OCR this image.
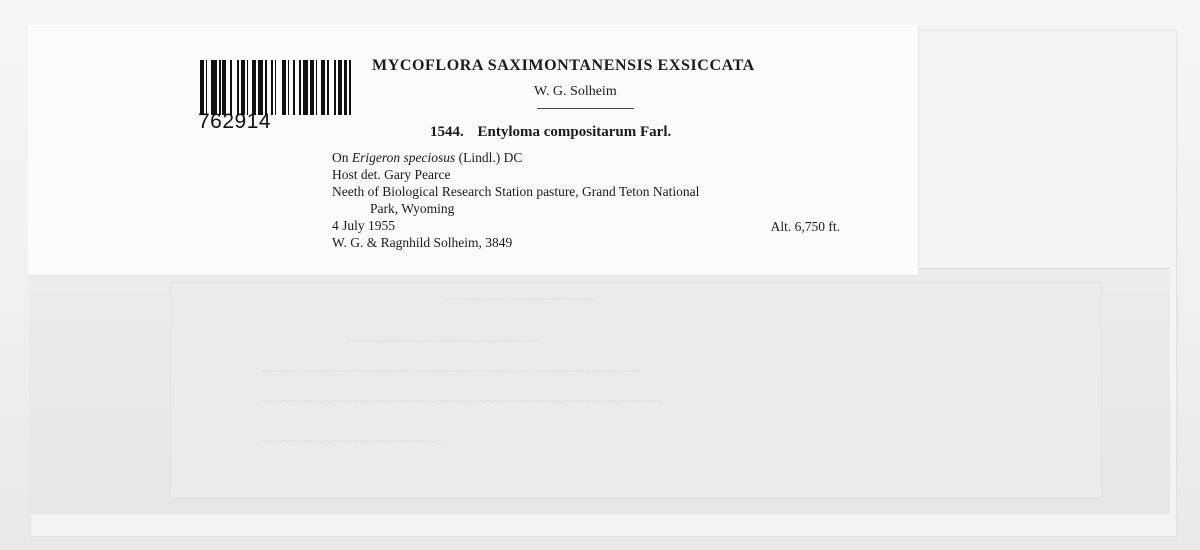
~~~~~~~~~~~~~~~~~~~~~~
~~~~~~~~~~~~~~~~~~~~~~~~~~~~
~~~~~~~~~~~~~~~~~~~~~~~~~~~~~~~~~~~~~~~~~~~~~~~~~~~~~~
~~~~~~~~~~~~~~~~~~~~~~~~~~~~~~~~~~~~~~~~~~~~~~~~~~~~~~~~~
~~~~~~~~~~~~~~~~~~~~~~~~~~
762914
MYCOFLORA SAXIMONTANENSIS EXSICCATA
W. G. Solheim
1544. Entyloma compositarum Farl.
On Erigeron speciosus (Lindl.) DC
Host det. Gary Pearce
Neeth of Biological Research Station pasture, Grand Teton National
Park, Wyoming
4 July 1955	Alt. 6,750 ft.
W. G. & Ragnhild Solheim, 3849
